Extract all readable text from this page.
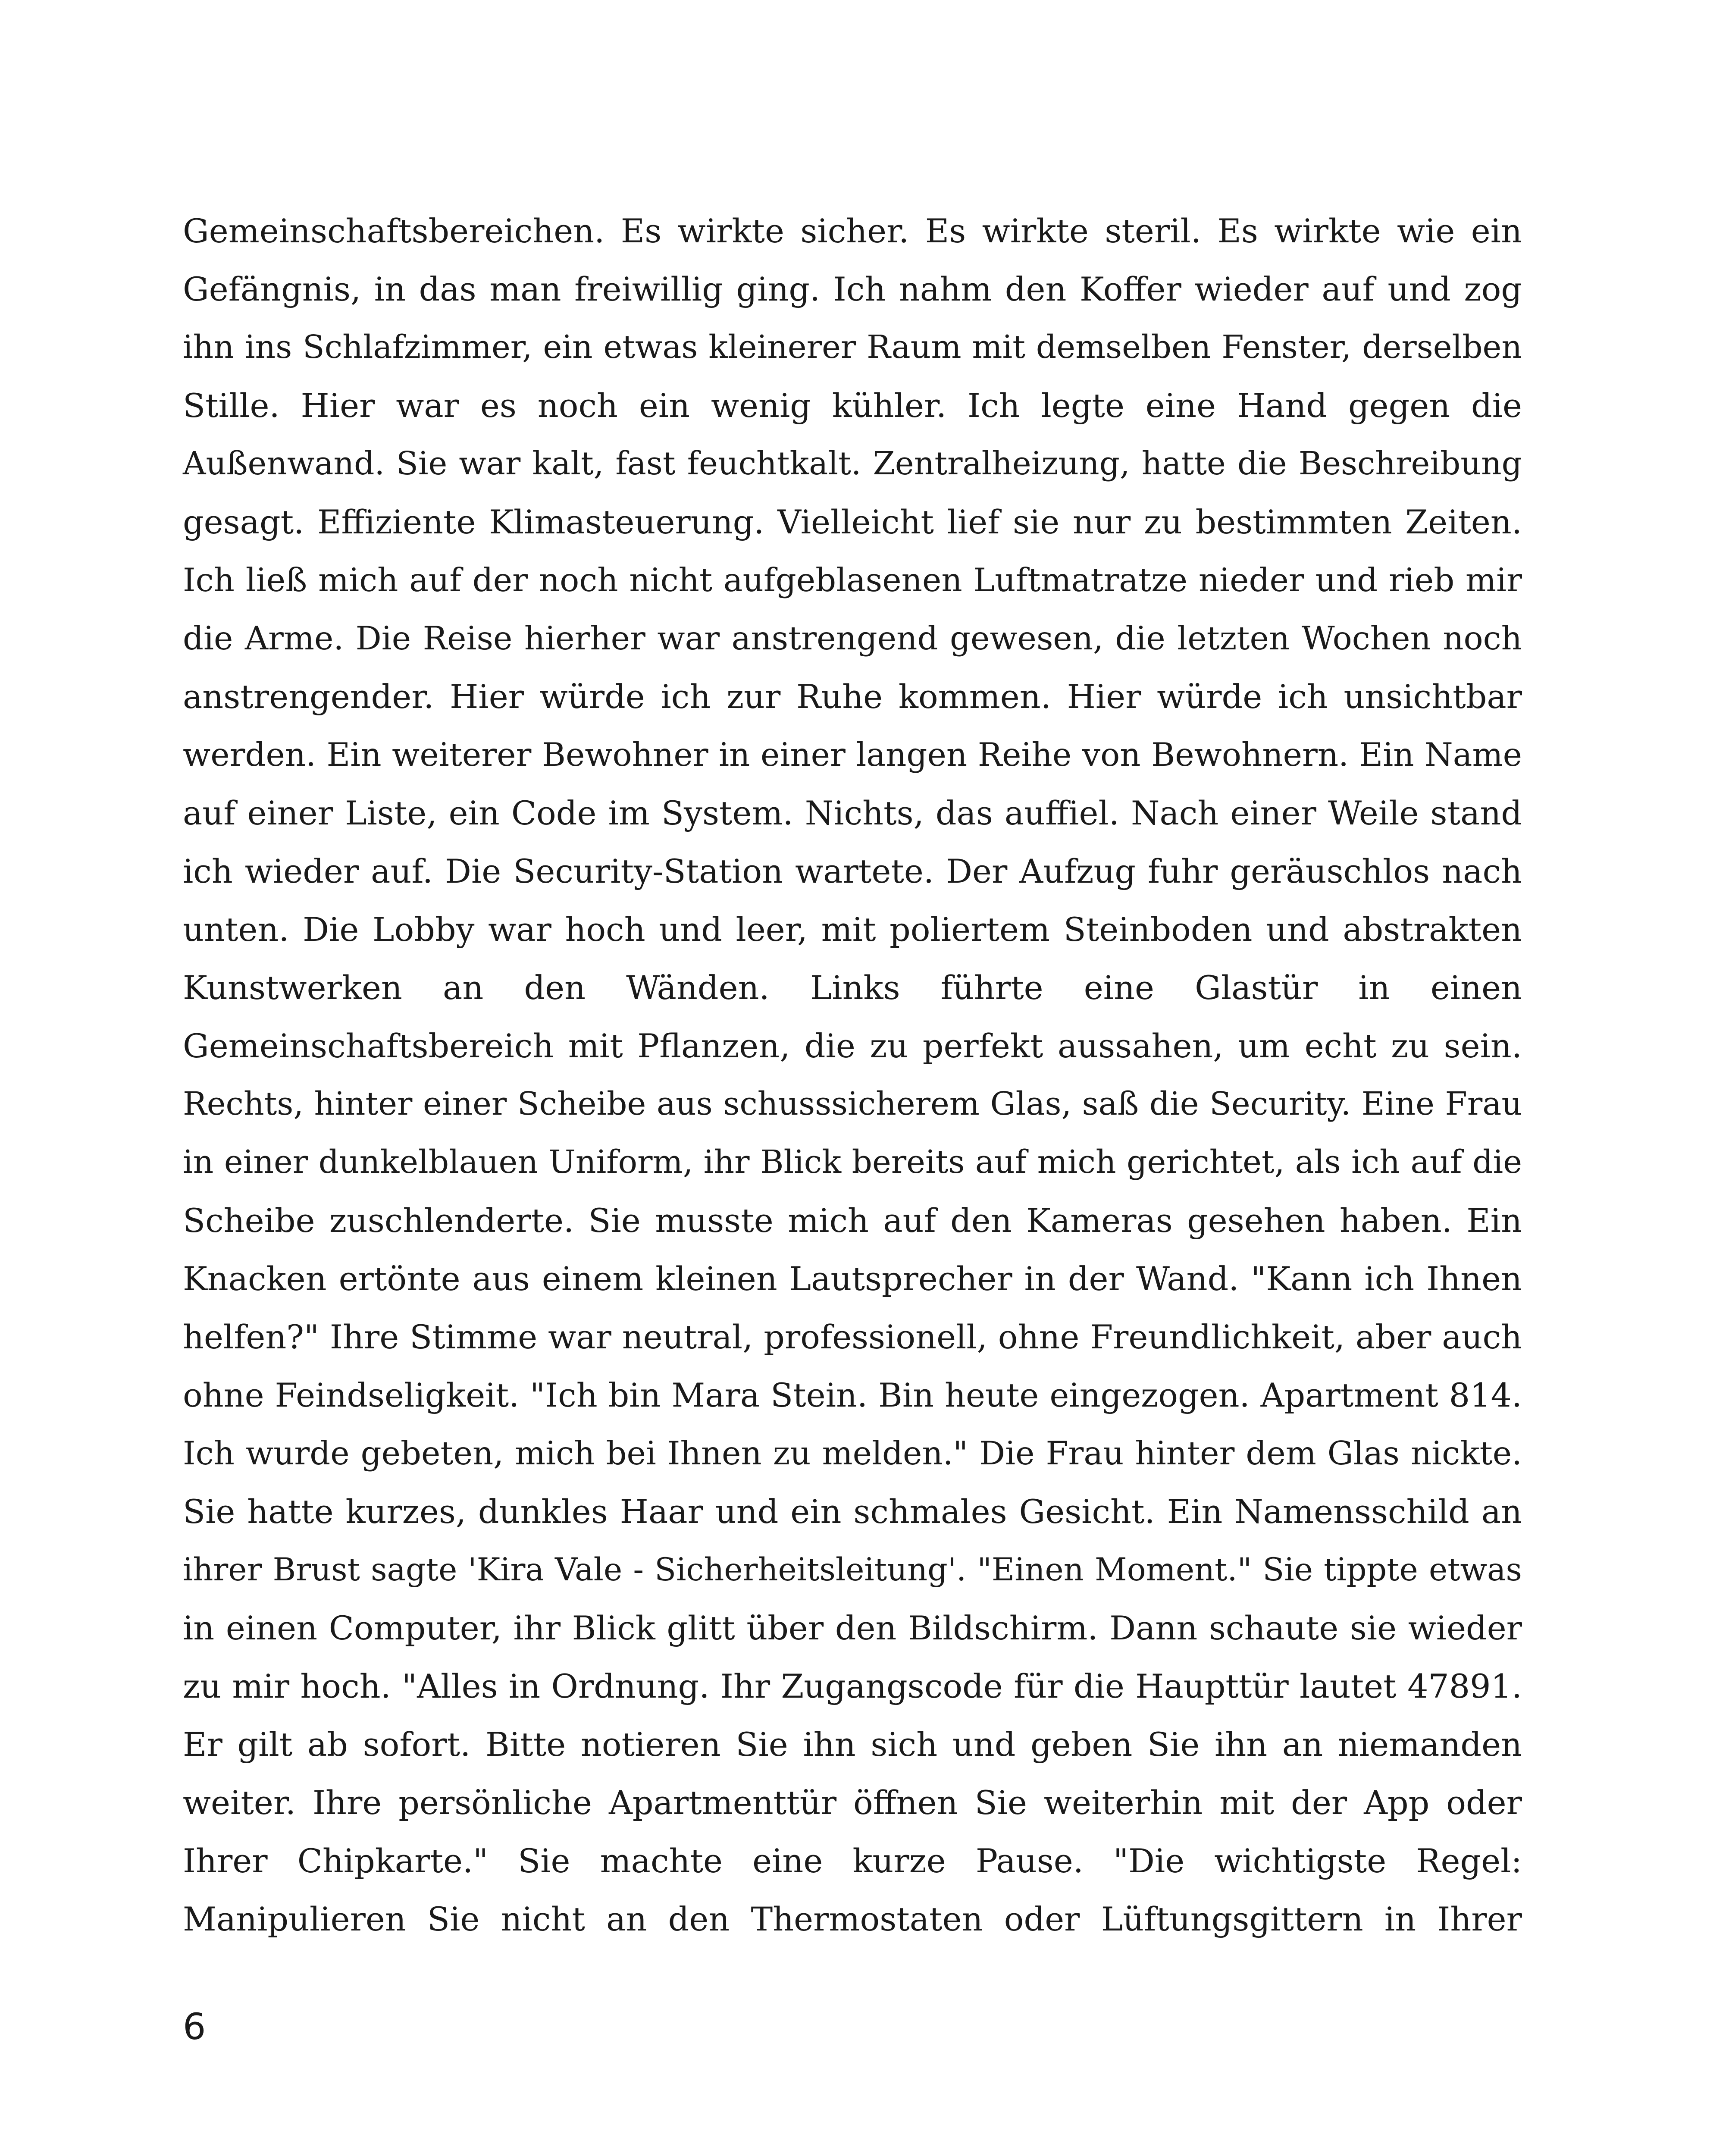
Gemeinschaftsbereichen. Es wirkte sicher. Es wirkte steril. Es wirkte wie ein
Gefängnis, in das man freiwillig ging. Ich nahm den Koffer wieder auf und zog
ihn ins Schlafzimmer, ein etwas kleinerer Raum mit demselben Fenster, derselben
Stille. Hier war es noch ein wenig kühler. Ich legte eine Hand gegen die
Außenwand. Sie war kalt, fast feuchtkalt. Zentralheizung, hatte die Beschreibung
gesagt. Effiziente Klimasteuerung. Vielleicht lief sie nur zu bestimmten Zeiten.
Ich ließ mich auf der noch nicht aufgeblasenen Luftmatratze nieder und rieb mir
die Arme. Die Reise hierher war anstrengend gewesen, die letzten Wochen noch
anstrengender. Hier würde ich zur Ruhe kommen. Hier würde ich unsichtbar
werden. Ein weiterer Bewohner in einer langen Reihe von Bewohnern. Ein Name
auf einer Liste, ein Code im System. Nichts, das auffiel. Nach einer Weile stand
ich wieder auf. Die Security-Station wartete. Der Aufzug fuhr geräuschlos nach
unten. Die Lobby war hoch und leer, mit poliertem Steinboden und abstrakten
Kunstwerken an den Wänden. Links führte eine Glastür in einen
Gemeinschaftsbereich mit Pflanzen, die zu perfekt aussahen, um echt zu sein.
Rechts, hinter einer Scheibe aus schusssicherem Glas, saß die Security. Eine Frau
in einer dunkelblauen Uniform, ihr Blick bereits auf mich gerichtet, als ich auf die
Scheibe zuschlenderte. Sie musste mich auf den Kameras gesehen haben. Ein
Knacken ertönte aus einem kleinen Lautsprecher in der Wand. "Kann ich Ihnen
helfen?" Ihre Stimme war neutral, professionell, ohne Freundlichkeit, aber auch
ohne Feindseligkeit. "Ich bin Mara Stein. Bin heute eingezogen. Apartment 814.
Ich wurde gebeten, mich bei Ihnen zu melden." Die Frau hinter dem Glas nickte.
Sie hatte kurzes, dunkles Haar und ein schmales Gesicht. Ein Namensschild an
ihrer Brust sagte 'Kira Vale - Sicherheitsleitung'. "Einen Moment." Sie tippte etwas
in einen Computer, ihr Blick glitt über den Bildschirm. Dann schaute sie wieder
zu mir hoch. "Alles in Ordnung. Ihr Zugangscode für die Haupttür lautet 47891.
Er gilt ab sofort. Bitte notieren Sie ihn sich und geben Sie ihn an niemanden
weiter. Ihre persönliche Apartmenttür öffnen Sie weiterhin mit der App oder
Ihrer Chipkarte." Sie machte eine kurze Pause. "Die wichtigste Regel:
Manipulieren Sie nicht an den Thermostaten oder Lüftungsgittern in Ihrer
6
